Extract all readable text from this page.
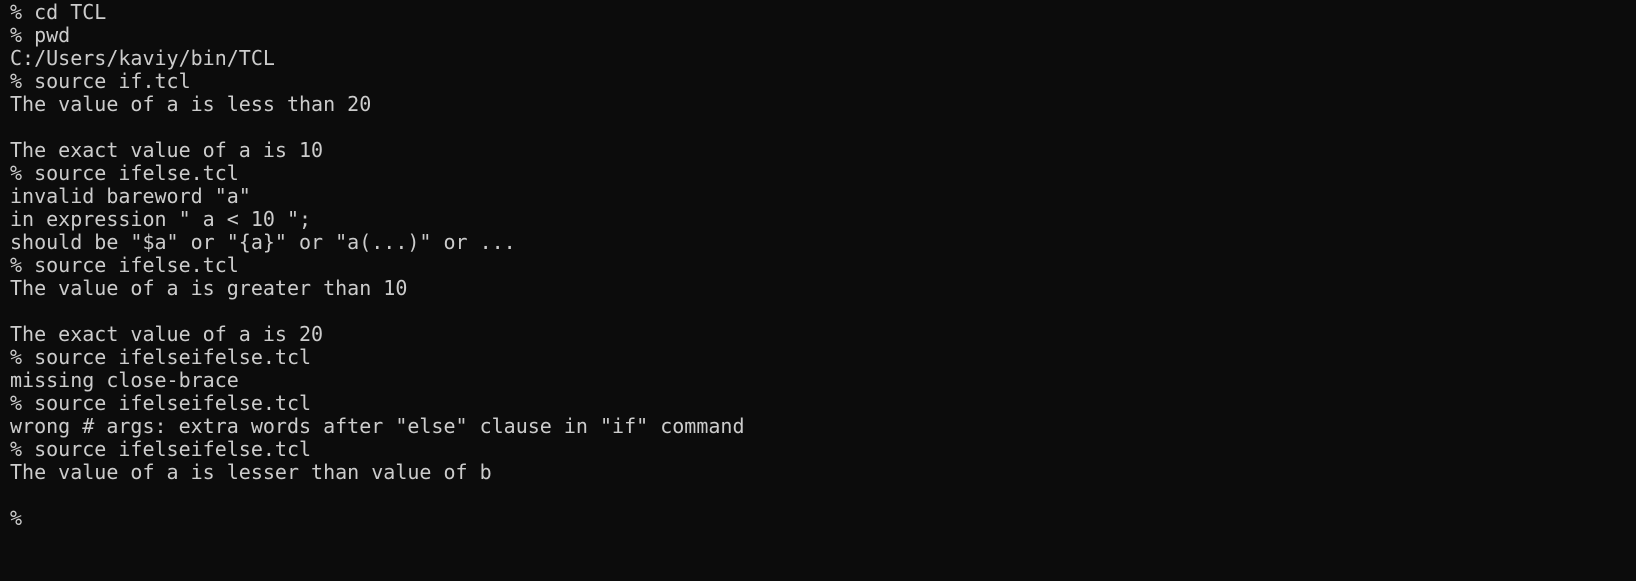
% cd TCL
% pwd
C:/Users/kaviy/bin/TCL
% source if.tcl
The value of a is less than 20
The exact value of a is 10
% source ifelse.tcl
invalid bareword "a"
in expression " a < 10 ";
should be "$a" or "{a}" or "a(...)" or ...
% source ifelse.tcl
The value of a is greater than 10
The exact value of a is 20
% source ifelseifelse.tcl
missing close-brace
% source ifelseifelse.tcl
wrong # args: extra words after "else" clause in "if" command
% source ifelseifelse.tcl
The value of a is lesser than value of b
%
